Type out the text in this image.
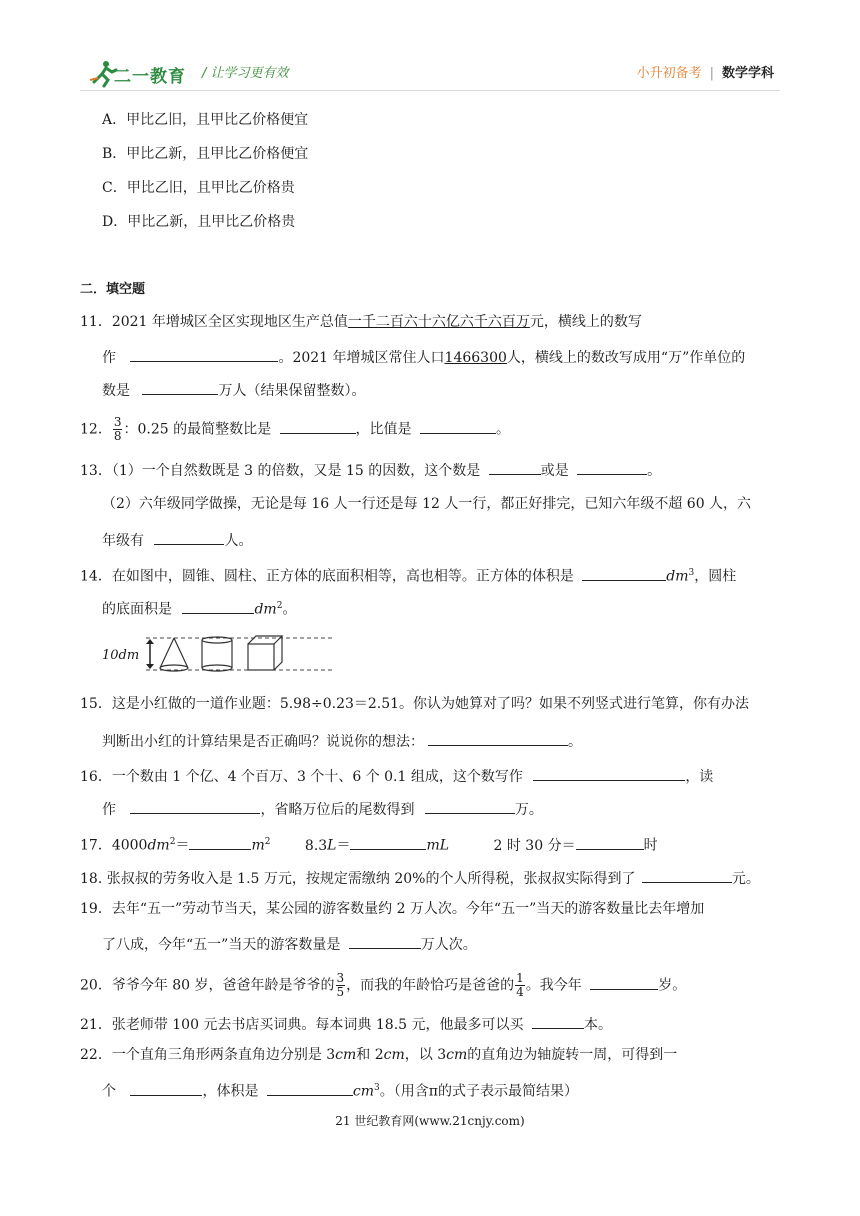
二一教育 / 让学习更有效	小升初备考 | 数学学科
A．甲比乙旧，且甲比乙价格便宜
B．甲比乙新，且甲比乙价格便宜
C．甲比乙旧，且甲比乙价格贵
D．甲比乙新，且甲比乙价格贵
二．填空题
11．2021 年增城区全区实现地区生产总值一千二百六十六亿六千六百万元，横线上的数写
作	。2021 年增城区常住人口1466300人，横线上的数改写成用“万”作单位的
数是	万人（结果保留整数）。
12． $\frac{3}{8}$ ：0.25 的最简整数比是	，比值是	。
13．（1）一个自然数既是 3 的倍数，又是 15 的因数，这个数是	或是	。
（2）六年级同学做操，无论是每 16 人一行还是每 12 人一行，都正好排完，已知六年级不超 60 人，六
年级有	人。
14．在如图中，圆锥、圆柱、正方体的底面积相等，高也相等。正方体的体积是	$dm^3$，圆柱
的底面积是	$dm^2$。
10dm
15．这是小红做的一道作业题：5.98÷0.23＝2.51。你认为她算对了吗？如果不列竖式进行笔算，你有办法
判断出小红的计算结果是否正确吗？说说你的想法：	。
16．一个数由 1 个亿、4 个百万、3 个十、6 个 0.1 组成，这个数写作	，读
作	，省略万位后的尾数得到	万。
17．$4000dm^2=$	$m^2$ 8.3L＝	mL	2 时 30 分＝	时
18. 张叔叔的劳务收入是 1.5 万元，按规定需缴纳 20%的个人所得税，张叔叔实际得到了	元。
19．去年“五一”劳动节当天，某公园的游客数量约 2 万人次。今年“五一”当天的游客数量比去年增加
了八成，今年“五一”当天的游客数量是	万人次。
20．爷爷今年 80 岁，爸爸年龄是爷爷的 $\frac{3}{5}$ ，而我的年龄恰巧是爸爸的 $\frac{1}{4}$ 。我今年	岁。
21．张老师带 100 元去书店买词典。每本词典 18.5 元，他最多可以买	本。
22．一个直角三角形两条直角边分别是 3cm和 2cm，以 3cm的直角边为轴旋转一周，可得到一
个	，体积是	$cm^3$。（用含π的式子表示最简结果）
21 世纪教育网(www.21cnjy.com)
